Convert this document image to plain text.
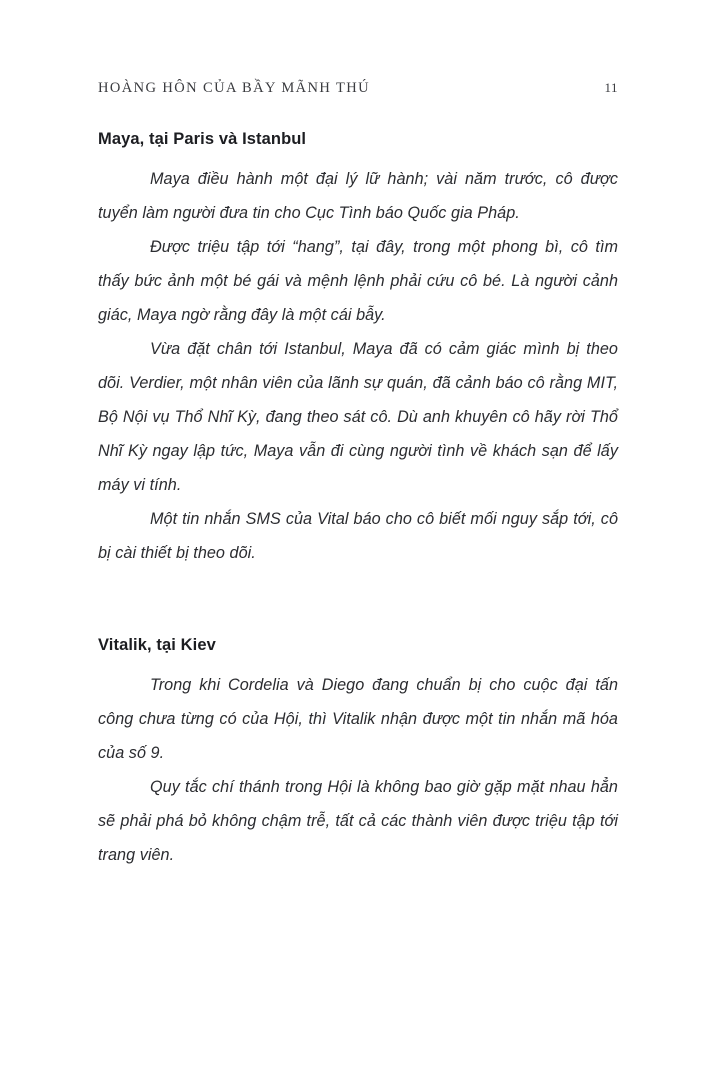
HOÀNG HÔN CỦA BẦY MÃNH THÚ	11
Maya, tại Paris và Istanbul

Maya điều hành một đại lý lữ hành; vài năm trước, cô được tuyển làm người đưa tin cho Cục Tình báo Quốc gia Pháp.

Được triệu tập tới “hang”, tại đây, trong một phong bì, cô tìm thấy bức ảnh một bé gái và mệnh lệnh phải cứu cô bé. Là người cảnh giác, Maya ngờ rằng đây là một cái bẫy.

Vừa đặt chân tới Istanbul, Maya đã có cảm giác mình bị theo dõi. Verdier, một nhân viên của lãnh sự quán, đã cảnh báo cô rằng MIT, Bộ Nội vụ Thổ Nhĩ Kỳ, đang theo sát cô. Dù anh khuyên cô hãy rời Thổ Nhĩ Kỳ ngay lập tức, Maya vẫn đi cùng người tình về khách sạn để lấy máy vi tính.

Một tin nhắn SMS của Vital báo cho cô biết mối nguy sắp tới, cô bị cài thiết bị theo dõi.

Vitalik, tại Kiev

Trong khi Cordelia và Diego đang chuẩn bị cho cuộc đại tấn công chưa từng có của Hội, thì Vitalik nhận được một tin nhắn mã hóa của số 9.

Quy tắc chí thánh trong Hội là không bao giờ gặp mặt nhau hẳn sẽ phải phá bỏ không chậm trễ, tất cả các thành viên được triệu tập tới trang viên.
